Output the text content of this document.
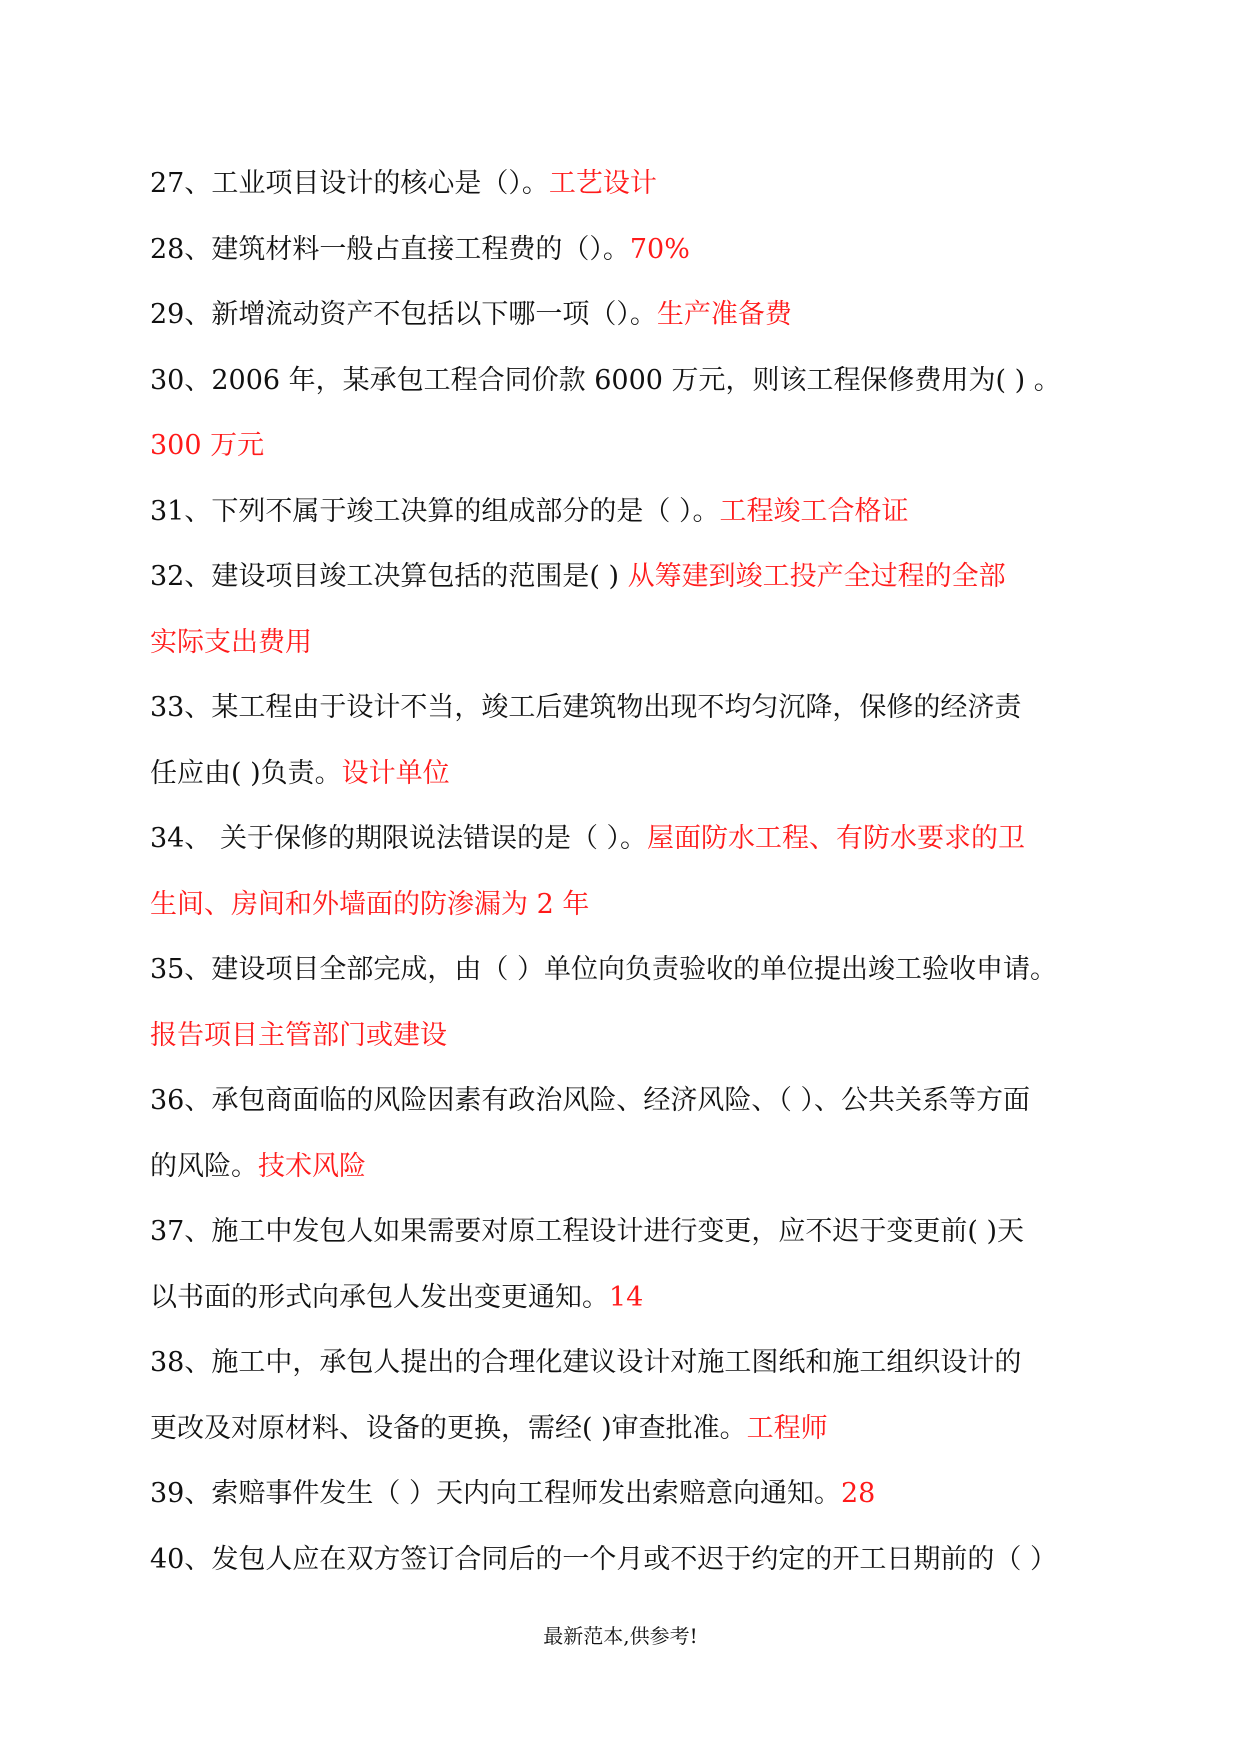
27、工业项目设计的核心是（）。工艺设计
28、建筑材料一般占直接工程费的（）。70%
29、新增流动资产不包括以下哪一项（）。生产准备费
30、2006 年，某承包工程合同价款 6000 万元，则该工程保修费用为( ) 。
300 万元
31、下列不属于竣工决算的组成部分的是（ ）。工程竣工合格证
32、建设项目竣工决算包括的范围是( ) 从筹建到竣工投产全过程的全部
实际支出费用
33、某工程由于设计不当，竣工后建筑物出现不均匀沉降，保修的经济责
任应由( )负责。设计单位
34、 关于保修的期限说法错误的是（ ）。屋面防水工程、有防水要求的卫
生间、房间和外墙面的防渗漏为 2 年
35、建设项目全部完成，由（ ）单位向负责验收的单位提出竣工验收申请。
报告项目主管部门或建设
36、承包商面临的风险因素有政治风险、经济风险、（ ）、公共关系等方面
的风险。技术风险
37、施工中发包人如果需要对原工程设计进行变更，应不迟于变更前( )天
以书面的形式向承包人发出变更通知。14
38、施工中，承包人提出的合理化建议设计对施工图纸和施工组织设计的
更改及对原材料、设备的更换，需经( )审查批准。工程师
39、索赔事件发生（ ）天内向工程师发出索赔意向通知。28
40、发包人应在双方签订合同后的一个月或不迟于约定的开工日期前的（ ）
最新范本,供参考!
